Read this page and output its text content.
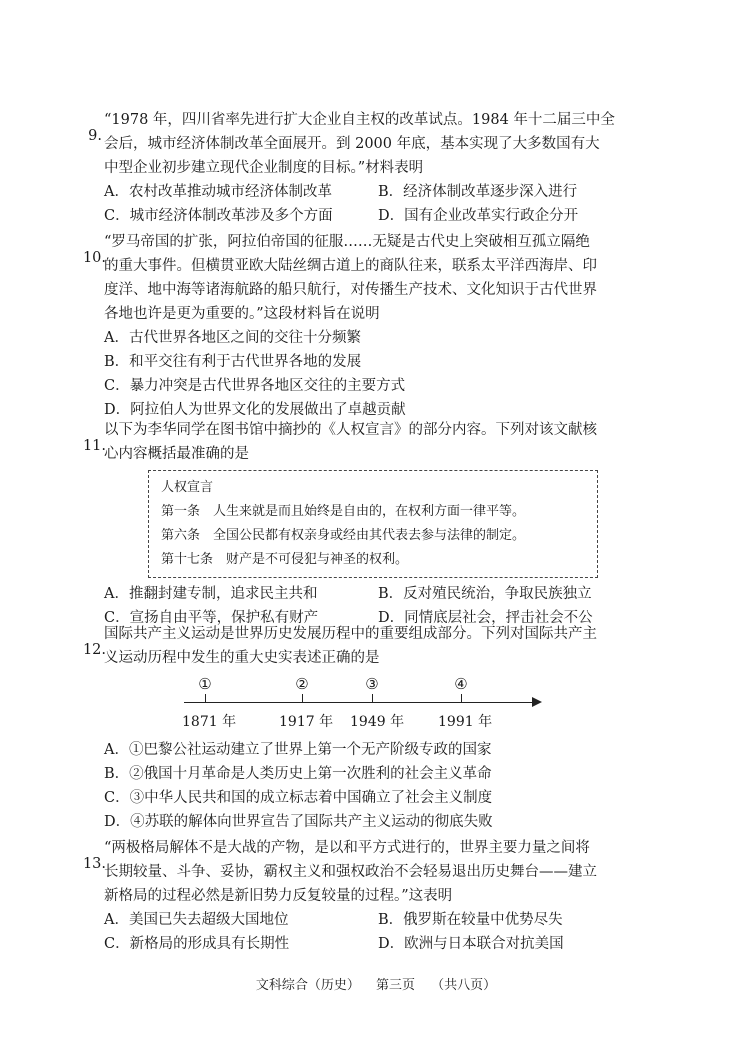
9.
“1978 年，四川省率先进行扩大企业自主权的改革试点。1984 年十二届三中全
会后，城市经济体制改革全面展开。到 2000 年底，基本实现了大多数国有大
中型企业初步建立现代企业制度的目标。”材料表明
A．农村改革推动城市经济体制改革	B．经济体制改革逐步深入进行
C．城市经济体制改革涉及多个方面	D．国有企业改革实行政企分开
10.
“罗马帝国的扩张，阿拉伯帝国的征服……无疑是古代史上突破相互孤立隔绝
的重大事件。但横贯亚欧大陆丝绸古道上的商队往来，联系太平洋西海岸、印
度洋、地中海等诸海航路的船只航行，对传播生产技术、文化知识于古代世界
各地也许是更为重要的。”这段材料旨在说明
A．古代世界各地区之间的交往十分频繁
B．和平交往有利于古代世界各地的发展
C．暴力冲突是古代世界各地区交往的主要方式
D．阿拉伯人为世界文化的发展做出了卓越贡献
11.
以下为李华同学在图书馆中摘抄的《人权宣言》的部分内容。下列对该文献核
心内容概括最准确的是
人权宣言
第一条　人生来就是而且始终是自由的，在权利方面一律平等。
第六条　全国公民都有权亲身或经由其代表去参与法律的制定。
第十七条　财产是不可侵犯与神圣的权利。
A．推翻封建专制，追求民主共和	B．反对殖民统治，争取民族独立
C．宣扬自由平等，保护私有财产	D．同情底层社会，抨击社会不公
12.
国际共产主义运动是世界历史发展历程中的重要组成部分。下列对国际共产主
义运动历程中发生的重大史实表述正确的是
①	②	③	④
1871 年	1917 年 1949 年 1991 年
A．①巴黎公社运动建立了世界上第一个无产阶级专政的国家
B．②俄国十月革命是人类历史上第一次胜利的社会主义革命
C．③中华人民共和国的成立标志着中国确立了社会主义制度
D．④苏联的解体向世界宣告了国际共产主义运动的彻底失败
13.
“两极格局解体不是大战的产物，是以和平方式进行的，世界主要力量之间将
长期较量、斗争、妥协，霸权主义和强权政治不会轻易退出历史舞台——建立
新格局的过程必然是新旧势力反复较量的过程。”这表明
A．美国已失去超级大国地位	B．俄罗斯在较量中优势尽失
C．新格局的形成具有长期性	D．欧洲与日本联合对抗美国
文科综合（历史） 第三页 （共八页）
